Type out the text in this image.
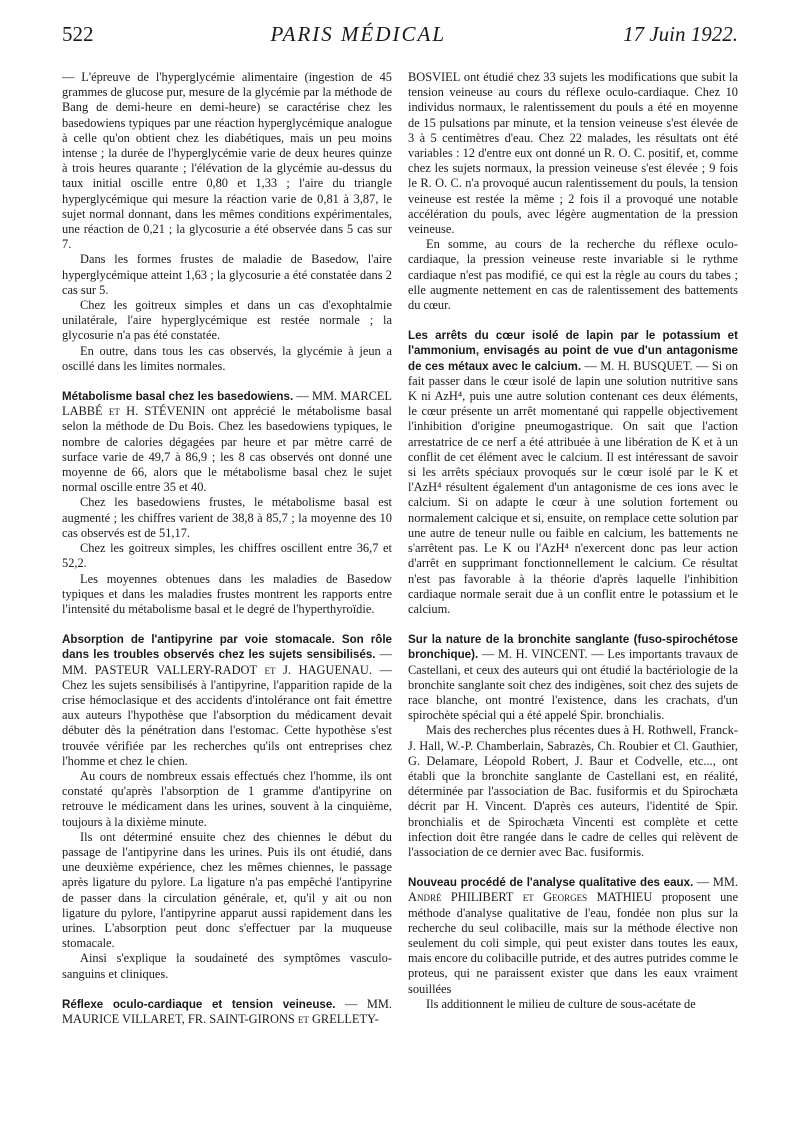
522	PARIS MÉDICAL	17 Juin 1922.

— L'épreuve de l'hyperglycémie alimentaire (ingestion de 45 grammes de glucose pur, mesure de la glycémie par la méthode de Bang de demi-heure en demi-heure) se caractérise chez les basedowiens typiques par une réaction hyperglycémique analogue à celle qu'on obtient chez les diabétiques, mais un peu moins intense ; la durée de l'hyperglycémie varie de deux heures quinze à trois heures quarante ; l'élévation de la glycémie au-dessus du taux initial oscille entre 0,80 et 1,33 ; l'aire du triangle hyperglycémique qui mesure la réaction varie de 0,81 à 3,87, le sujet normal donnant, dans les mêmes conditions expérimentales, une réaction de 0,21 ; la glycosurie a été observée dans 5 cas sur 7.

Dans les formes frustes de maladie de Basedow, l'aire hyperglycémique atteint 1,63 ; la glycosurie a été constatée dans 2 cas sur 5.

Chez les goitreux simples et dans un cas d'exophtalmie unilatérale, l'aire hyperglycémique est restée normale ; la glycosurie n'a pas été constatée.

En outre, dans tous les cas observés, la glycémie à jeun a oscillé dans les limites normales.

Métabolisme basal chez les basedowiens. — MM. MARCEL LABBÉ et H. STÉVENIN ont apprécié le métabolisme basal selon la méthode de Du Bois. Chez les basedowiens typiques, le nombre de calories dégagées par heure et par mètre carré de surface varie de 49,7 à 86,9 ; les 8 cas observés ont donné une moyenne de 66, alors que le métabolisme basal chez le sujet normal oscille entre 35 et 40.

Chez les basedowiens frustes, le métabolisme basal est augmenté ; les chiffres varient de 38,8 à 85,7 ; la moyenne des 10 cas observés est de 51,17.

Chez les goitreux simples, les chiffres oscillent entre 36,7 et 52,2.

Les moyennes obtenues dans les maladies de Basedow typiques et dans les maladies frustes montrent les rapports entre l'intensité du métabolisme basal et le degré de l'hyperthyroïdie.

Absorption de l'antipyrine par voie stomacale. Son rôle dans les troubles observés chez les sujets sensibilisés. — MM. PASTEUR VALLERY-RADOT et J. HAGUENAU. — Chez les sujets sensibilisés à l'antipyrine, l'apparition rapide de la crise hémoclasique et des accidents d'intolérance ont fait émettre aux auteurs l'hypothèse que l'absorption du médicament devait débuter dès la pénétration dans l'estomac. Cette hypothèse s'est trouvée vérifiée par les recherches qu'ils ont entreprises chez l'homme et chez le chien.

Au cours de nombreux essais effectués chez l'homme, ils ont constaté qu'après l'absorption de 1 gramme d'antipyrine on retrouve le médicament dans les urines, souvent à la cinquième, toujours à la dixième minute.

Ils ont déterminé ensuite chez des chiennes le début du passage de l'antipyrine dans les urines. Puis ils ont étudié, dans une deuxième expérience, chez les mêmes chiennes, le passage après ligature du pylore. La ligature n'a pas empêché l'antipyrine de passer dans la circulation générale, et, qu'il y ait ou non ligature du pylore, l'antipyrine apparut aussi rapidement dans les urines. L'absorption peut donc s'effectuer par la muqueuse stomacale.

Ainsi s'explique la soudaineté des symptômes vasculo-sanguins et cliniques.

Réflexe oculo-cardiaque et tension veineuse. — MM. MAURICE VILLARET, FR. SAINT-GIRONS et GRELLETY-

BOSVIEL ont étudié chez 33 sujets les modifications que subit la tension veineuse au cours du réflexe oculo-cardiaque. Chez 10 individus normaux, le ralentissement du pouls a été en moyenne de 15 pulsations par minute, et la tension veineuse s'est élevée de 3 à 5 centimètres d'eau. Chez 22 malades, les résultats ont été variables : 12 d'entre eux ont donné un R. O. C. positif, et, comme chez les sujets normaux, la pression veineuse s'est élevée ; 9 fois le R. O. C. n'a provoqué aucun ralentissement du pouls, la tension veineuse est restée la même ; 2 fois il a provoqué une notable accélération du pouls, avec légère augmentation de la pression veineuse.

En somme, au cours de la recherche du réflexe oculo-cardiaque, la pression veineuse reste invariable si le rythme cardiaque n'est pas modifié, ce qui est la règle au cours du tabes ; elle augmente nettement en cas de ralentissement des battements du cœur.

Les arrêts du cœur isolé de lapin par le potassium et l'ammonium, envisagés au point de vue d'un antagonisme de ces métaux avec le calcium. — M. H. BUSQUET. — Si on fait passer dans le cœur isolé de lapin une solution nutritive sans K ni AzH⁴, puis une autre solution contenant ces deux éléments, le cœur présente un arrêt momentané qui rappelle objectivement l'inhibition d'origine pneumogastrique. On sait que l'action arrestatrice de ce nerf a été attribuée à une libération de K et à un conflit de cet élément avec le calcium. Il est intéressant de savoir si les arrêts spéciaux provoqués sur le cœur isolé par le K et l'AzH⁴ résultent également d'un antagonisme de ces ions avec le calcium. Si on adapte le cœur à une solution fortement ou normalement calcique et si, ensuite, on remplace cette solution par une autre de teneur nulle ou faible en calcium, les battements ne s'arrêtent pas. Le K ou l'AzH⁴ n'exercent donc pas leur action d'arrêt en supprimant fonctionnellement le calcium. Ce résultat n'est pas favorable à la théorie d'après laquelle l'inhibition cardiaque normale serait due à un conflit entre le potassium et le calcium.

Sur la nature de la bronchite sanglante (fuso-spirochétose bronchique). — M. H. VINCENT. — Les importants travaux de Castellani, et ceux des auteurs qui ont étudié la bactériologie de la bronchite sanglante soit chez des indigènes, soit chez des sujets de race blanche, ont montré l'existence, dans les crachats, d'un spirochète spécial qui a été appelé Spir. bronchialis.

Mais des recherches plus récentes dues à H. Rothwell, Franck-J. Hall, W.-P. Chamberlain, Sabrazès, Ch. Roubier et Cl. Gauthier, G. Delamare, Léopold Robert, J. Baur et Codvelle, etc..., ont établi que la bronchite sanglante de Castellani est, en réalité, déterminée par l'association de Bac. fusiformis et du Spirochæta décrit par H. Vincent. D'après ces auteurs, l'identité de Spir. bronchialis et de Spirochæta Vincenti est complète et cette infection doit être rangée dans le cadre de celles qui relèvent de l'association de ce dernier avec Bac. fusiformis.

Nouveau procédé de l'analyse qualitative des eaux. — MM. André PHILIBERT et Georges MATHIEU proposent une méthode d'analyse qualitative de l'eau, fondée non plus sur la recherche du seul colibacille, mais sur la méthode élective non seulement du coli simple, qui peut exister dans toutes les eaux, mais encore du colibacille putride, et des autres putrides comme le proteus, qui ne paraissent exister que dans les eaux vraiment souillées

Ils additionnent le milieu de culture de sous-acétate de
